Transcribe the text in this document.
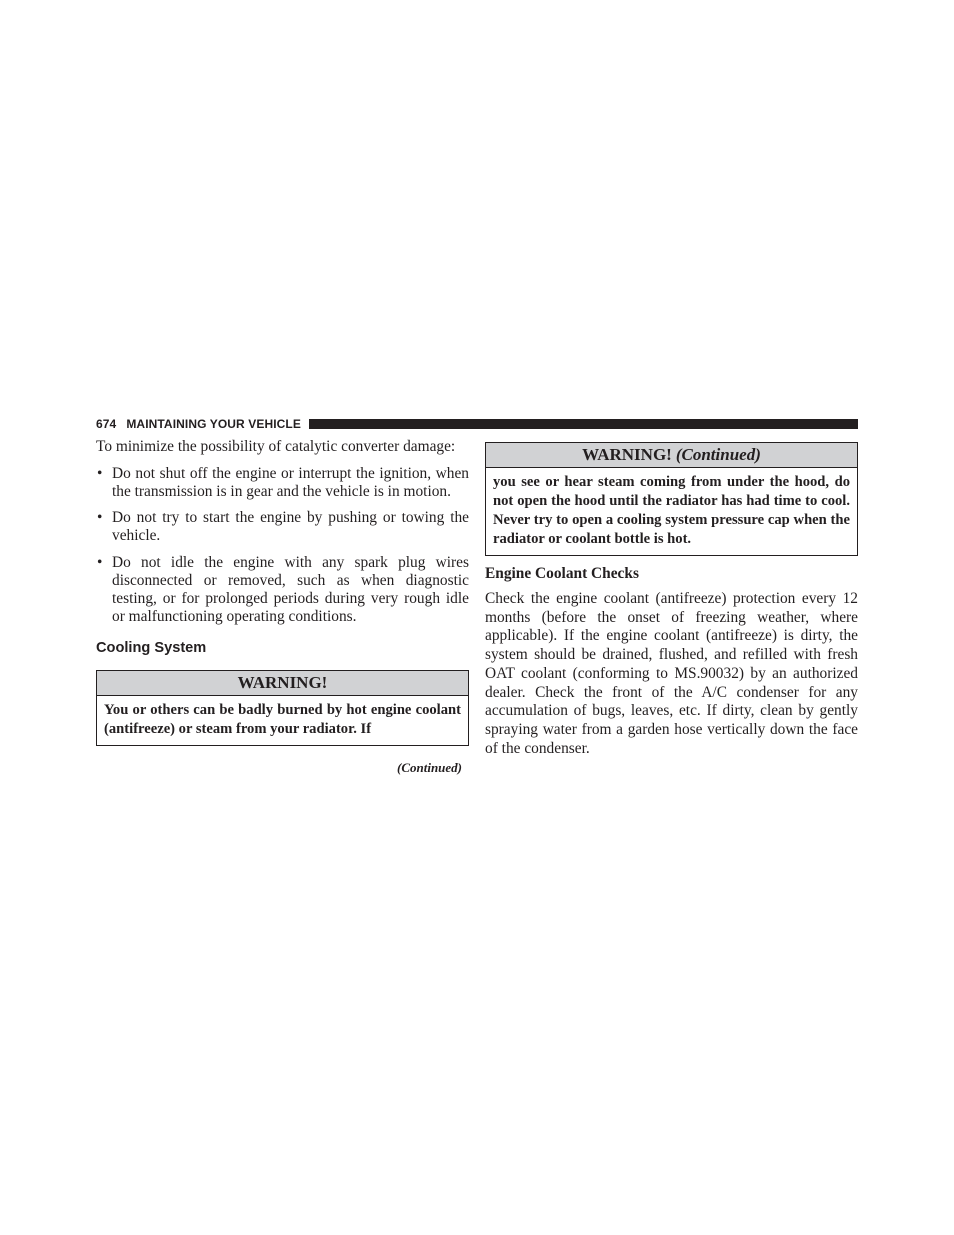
674 MAINTAINING YOUR VEHICLE

To minimize the possibility of catalytic converter damage:

• Do not shut off the engine or interrupt the ignition, when the transmission is in gear and the vehicle is in motion.
• Do not try to start the engine by pushing or towing the vehicle.
• Do not idle the engine with any spark plug wires disconnected or removed, such as when diagnostic testing, or for prolonged periods during very rough idle or malfunctioning operating conditions.
Cooling System
WARNING!
You or others can be badly burned by hot engine coolant (antifreeze) or steam from your radiator. If
(Continued)
WARNING! (Continued)
you see or hear steam coming from under the hood, do not open the hood until the radiator has had time to cool. Never try to open a cooling system pressure cap when the radiator or coolant bottle is hot.
Engine Coolant Checks

Check the engine coolant (antifreeze) protection every 12 months (before the onset of freezing weather, where applicable). If the engine coolant (antifreeze) is dirty, the system should be drained, flushed, and refilled with fresh OAT coolant (conforming to MS.90032) by an authorized dealer. Check the front of the A/C condenser for any accumulation of bugs, leaves, etc. If dirty, clean by gently spraying water from a garden hose vertically down the face of the condenser.
